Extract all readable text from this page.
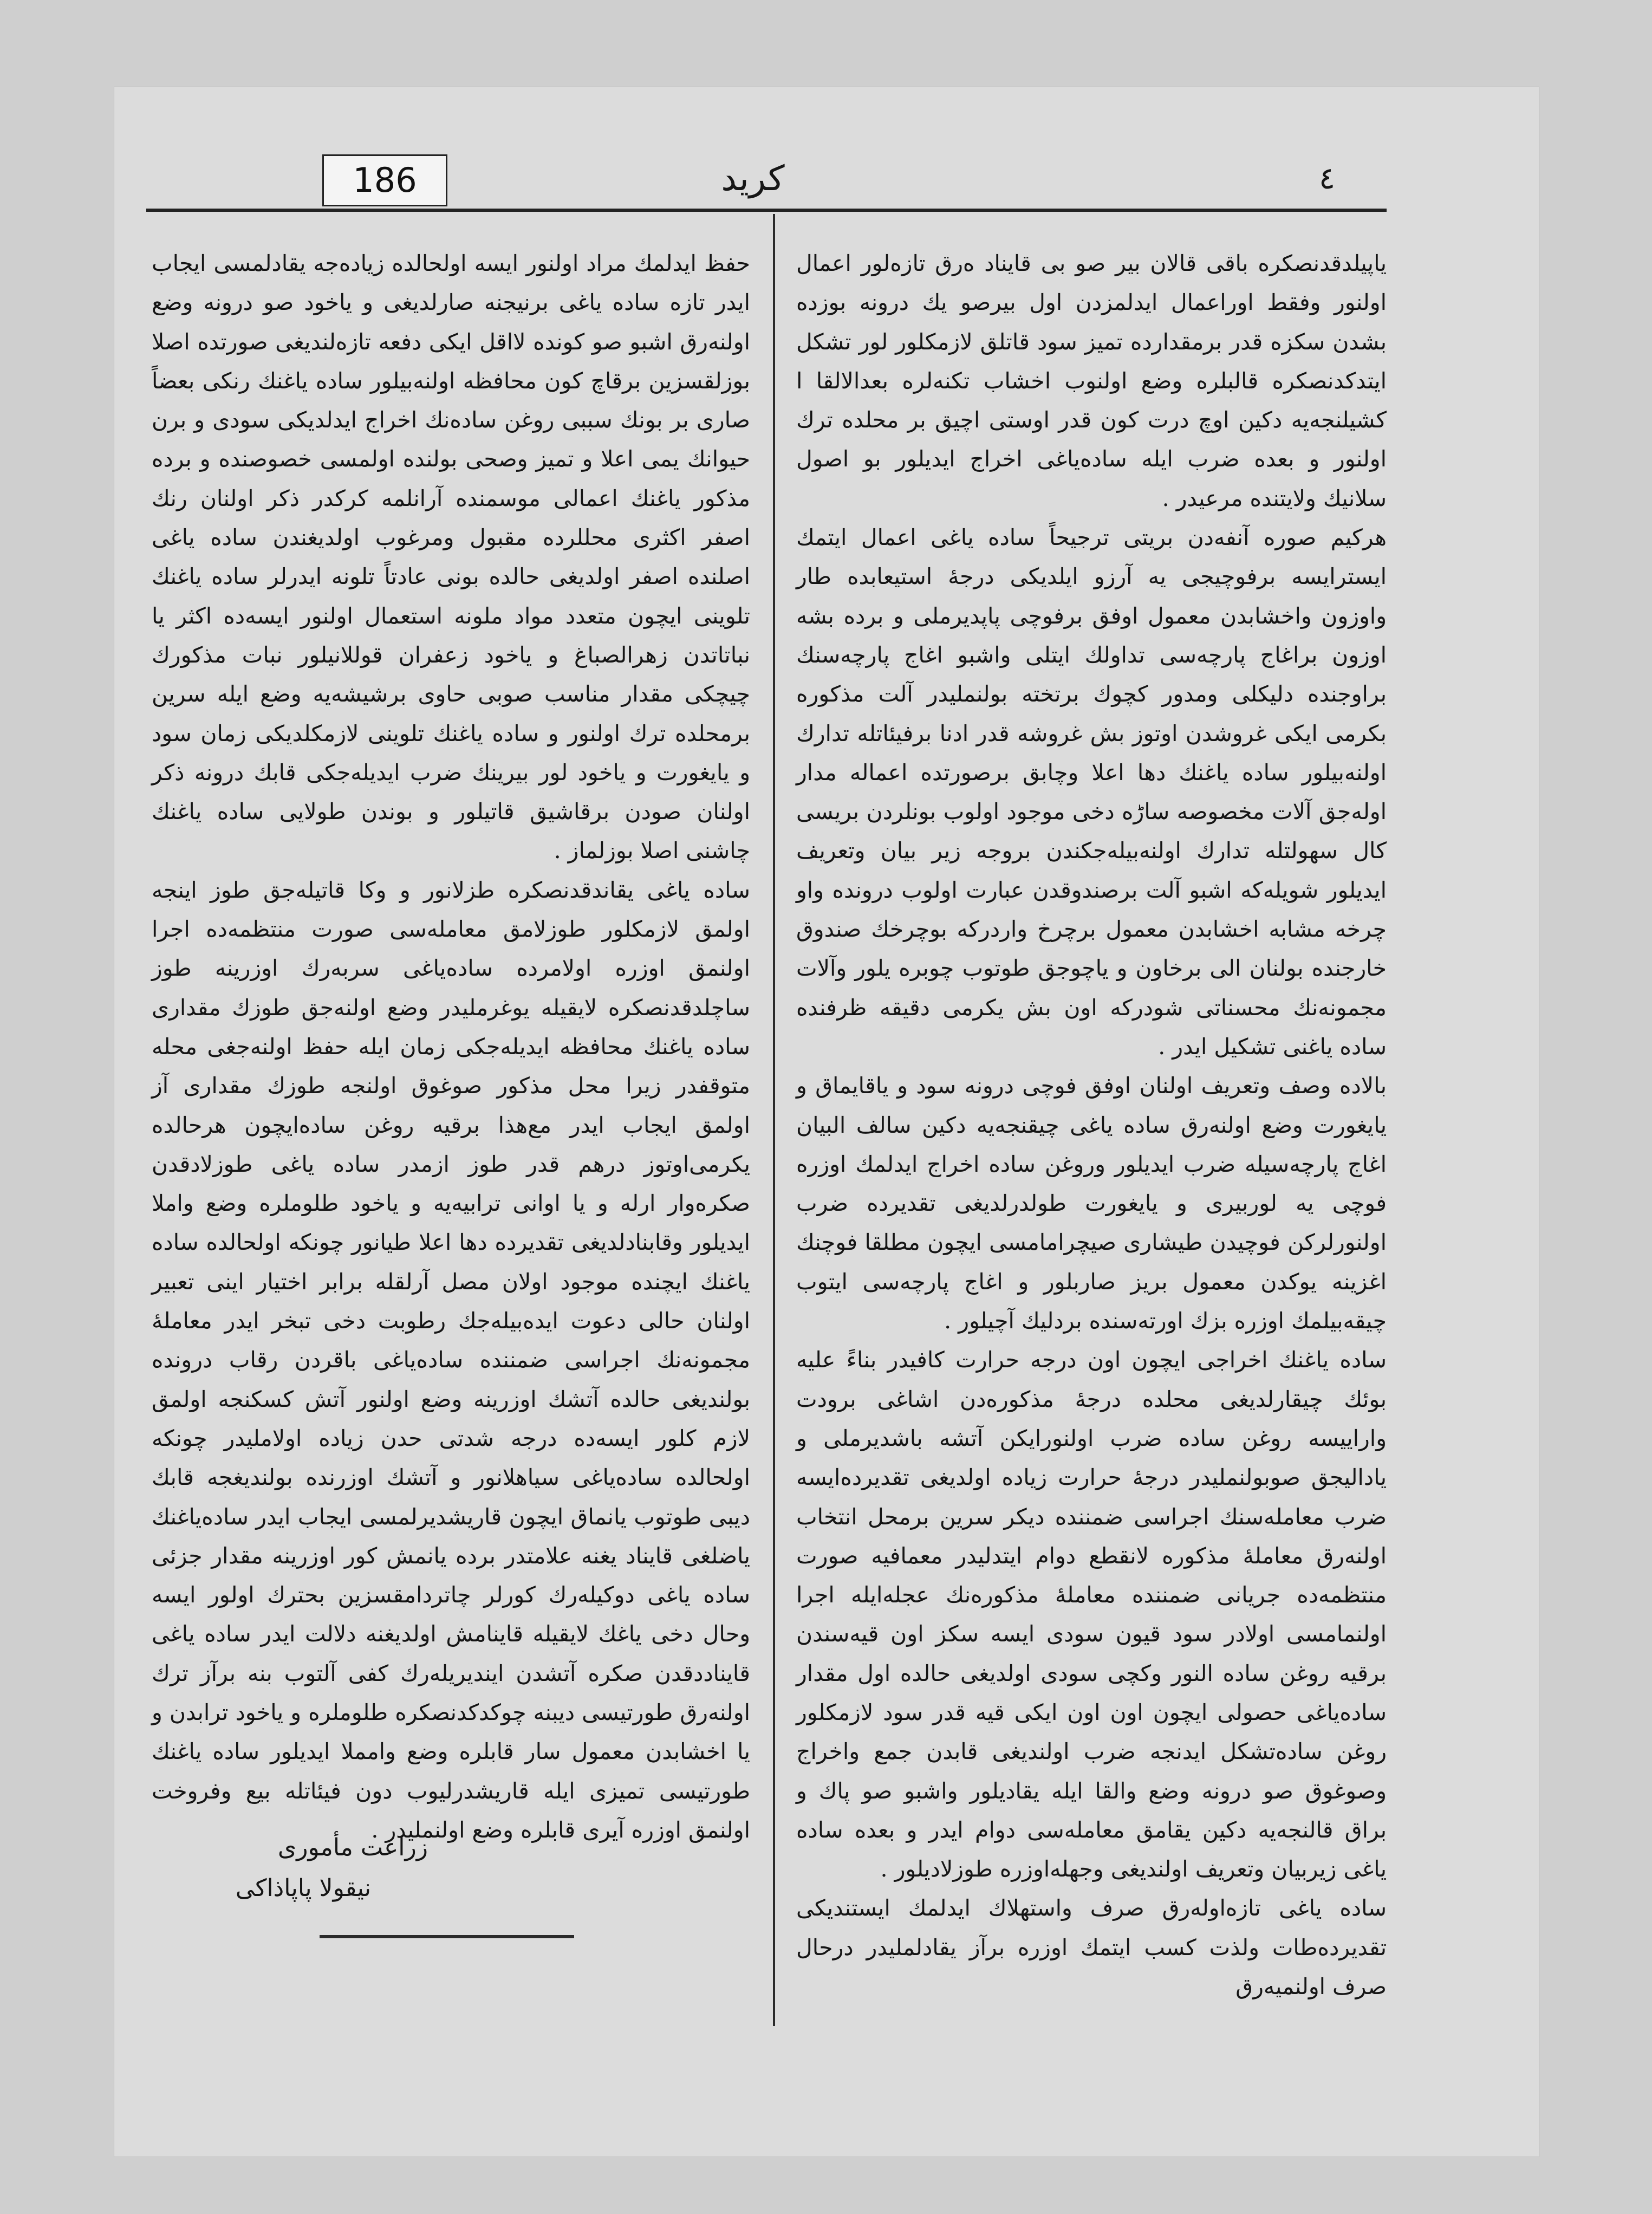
186	کرید	٤

یاپیلدقدنصکره باقی قالان بیر صو بی قایناد ەرق تازه‌لور اعمال اولنور وفقط اوراعمال ایدلمزدن اول بیرصو یك درونه بوزده بشدن سکزه قدر برمقدارده تمیز سود قاتلق لازمکلور لور تشکل ایتدکدنصکره قالبلره وضع اولنوب اخشاب تکنه‌لره بعدالالقا ا کشیلنجه‌یه دکین اوچ درت کون قدر اوستی اچیق بر محلده ترك اولنور و بعده ضرب ایله ساده‌یاغی اخراج ایدیلور بو اصول سلانیك ولایتنده مرعیدر .

هرکیم صوره آنفه‌دن بریتی ترجیحاً ساده یاغی اعمال ایتمك ایسترایسه برفوچیجی یه آرزو ایلدیکی درجهٔ استیعابده طار واوزون واخشابدن معمول اوفق برفوچی پاپدیرملی و برده بشه اوزون براغاج پارچه‌سی تداولك ایتلی واشبو اغاج پارچه‌سنك براوجنده دلیکلی ومدور کچوك برتخته بولنملیدر آلت مذکوره بکرمی ایکی غروشدن اوتوز بش غروشه قدر ادنا برفیئاتله تدارك اولنه‌بیلور ساده یاغنك دها اعلا وچابق برصورتده اعماله مدار اوله‌جق آلات مخصوصه ساڑه دخی موجود اولوب بونلردن بریسی کال سهولتله تدارك اولنه‌بیله‌جکندن بروجه زیر بیان وتعریف ایدیلور شویله‌که اشبو آلت برصندوقدن عبارت اولوب درونده واو چرخه مشابه اخشابدن معمول برچرخ واردرکه بوچرخك صندوق خارجنده بولنان الی برخاون و یاچوجق طوتوب چوبره یلور وآلات مجمونه‌نك محسناتی شودرکه اون بش یکرمی دقیقه ظرفنده ساده یاغنی تشکیل ایدر .

بالاده وصف وتعریف اولنان اوفق فوچی درونه سود و یاقایماق و یایغورت وضع اولنه‌رق ساده یاغی چیقنجه‌یه دکین سالف البیان اغاج پارچه‌سیله ضرب ایدیلور وروغن ساده اخراج ایدلمك اوزره فوچی یه لوربیری و یایغورت طولدرلدیغی تقدیرده ضرب اولنورلرکن فوچیدن طیشاری صیچرامامسی ایچون مطلقا فوچنك اغزینه یوکدن معمول بریز صاربلور و اغاج پارچه‌سی ایتوب چیقه‌بیلمك اوزره بزك اورته‌سنده بردلیك آچیلور .

ساده یاغنك اخراجی ایچون اون درجه حرارت کافیدر بناءً علیه بوئك چیقارلدیغی محلده درجهٔ مذکوره‌دن اشاغی برودت واراییسه روغن ساده ضرب اولنورایکن آتشه باشدیرملی و یادالیجق صوبولنملیدر درجهٔ حرارت زیاده اولدیغی تقدیرده‌ایسه ضرب معامله‌سنك اجراسی ضمننده دیکر سرین برمحل انتخاب اولنه‌رق معامله‌ٔ مذکوره لانقطع دوام ایتدلیدر معمافیه صورت منتظمه‌ده جریانی ضمننده معامله‌ٔ مذکوره‌نك عجله‌ایله اجرا اولنمامسی اولادر سود قیون سودی ایسه سکز اون قیه‌سندن برقیه روغن ساده النور وکچی سودی اولدیغی حالده اول مقدار ساده‌یاغی حصولی ایچون اون اون ایکی قیه قدر سود لازمکلور روغن ساده‌تشکل ایدنجه ضرب اولندیغی قابدن جمع واخراج وصوغوق صو درونه وضع والقا ایله یقادیلور واشبو صو پاك و براق قالنجه‌یه دکین یقامق معامله‌سی دوام ایدر و بعده ساده یاغی زیربیان وتعریف اولندیغی وجهله‌اوزره طوزلادیلور .

ساده یاغی تازه‌اوله‌رق صرف واستهلاك ایدلمك ایستندیکی تقدیرده‌طات ولذت کسب ایتمك اوزره برآز یقادلملیدر درحال صرف اولنمیه‌رق

حفظ ایدلمك مراد اولنور ایسه اولحالده زیاده‌جه یقادلمسی ایجاب ایدر تازه ساده یاغی برنیجنه صارلدیغی و یاخود صو درونه وضع اولنه‌رق اشبو صو کونده لااقل ایکی دفعه تازه‌لندیغی صورتده اصلا بوزلقسزین برقاچ کون محافظه اولنه‌بیلور ساده یاغنك رنکی بعضاً صاری بر بونك سببی روغن ساده‌نك اخراج ایدلدیکی سودی و برن حیوانك یمی اعلا و تمیز وصحی بولنده اولمسی خصوصنده و برده مذکور یاغنك اعمالی موسمنده آرانلمه کرکدر ذکر اولنان رنك اصفر اکثری محللرده مقبول ومرغوب اولدیغندن ساده یاغی اصلنده اصفر اولدیغی حالده بونی عادتاً تلونه ایدرلر ساده یاغنك تلوینی ایچون متعدد مواد ملونه استعمال اولنور ایسه‌ده اکثر یا نباتاتدن زهرالصباغ و یاخود زعفران قوللانیلور نبات مذکورك چیچکی مقدار مناسب صوبی حاوی برشیشه‌یه وضع ایله سرین برمحلده ترك اولنور و ساده یاغنك تلوینی لازمکلدیکی زمان سود و یایغورت و یاخود لور بیرینك ضرب ایدیله‌جکی قابك درونه ذکر اولنان صودن برقاشیق قاتیلور و بوندن طولایی ساده یاغنك چاشنی اصلا بوزلماز .

ساده یاغی یقاندقدنصکره طزلانور و وکا قاتیله‌جق طوز اینجه اولمق لازمکلور طوزلامق معامله‌سی صورت منتظمه‌ده اجرا اولنمق اوزره اولامرده ساده‌یاغی سربه‌رك اوزرینه طوز ساچلدقدنصکره لایقیله یوغرملیدر وضع اولنه‌جق طوزك مقداری ساده یاغنك محافظه ایدیله‌جکی زمان ایله حفظ اولنه‌جغی محله متوقفدر زیرا محل مذکور صوغوق اولنجه طوزك مقداری آز اولمق ایجاب ایدر مع‌هذا برقیه روغن ساده‌ایچون هرحالده یکرمی‌اوتوز درهم قدر طوز ازمدر ساده یاغی طوزلادقدن صکره‌وار ارله و یا اوانی ترابیه‌یه و یاخود طلوملره وضع واملا ایدیلور وقابنادلدیغی تقدیرده دها اعلا طیانور چونکه اولحالده ساده یاغنك ایچنده موجود اولان مصل آرلقله برابر اختیار اینی تعبیر اولنان حالی دعوت ایده‌بیله‌جك رطوبت دخی تبخر ایدر معامله‌ٔ مجمونه‌نك اجراسی ضمننده ساده‌یاغی باقردن رقاب درونده بولندیغی حالده آتشك اوزرینه وضع اولنور آتش کسکنجه اولمق لازم کلور ایسه‌ده درجه شدتی حدن زیاده اولاملیدر چونکه اولحالده ساده‌یاغی سیاهلانور و آتشك اوزرنده بولندیغجه قابك دیبی طوتوب یانماق ایچون قاریشدیرلمسی ایجاب ایدر ساده‌یاغنك یاضلغی قایناد یغنه علامتدر برده یانمش کور اوزرینه مقدار جزئی ساده یاغی دوکیله‌رك کورلر چاتردامقسزین بحترك اولور ایسه وحال دخی یاغك لایقیله قاینامش اولدیغنه دلالت ایدر ساده یاغی قایناددقدن صکره آتشدن ایندیریله‌رك کفی آلتوب بنه برآز ترك اولنه‌رق طورتیسی دیبنه چوکدکدنصکره طلوملره و یاخود ترابدن و یا اخشابدن معمول سار قابلره وضع وامملا ایدیلور ساده یاغنك طورتیسی تمیزی ایله قاریشدرلیوب دون فیئاتله بیع وفروخت اولنمق اوزره آیری قابلره وضع اولنملیدر .

زراعت مأموری
نیقولا پاپاذاکی
